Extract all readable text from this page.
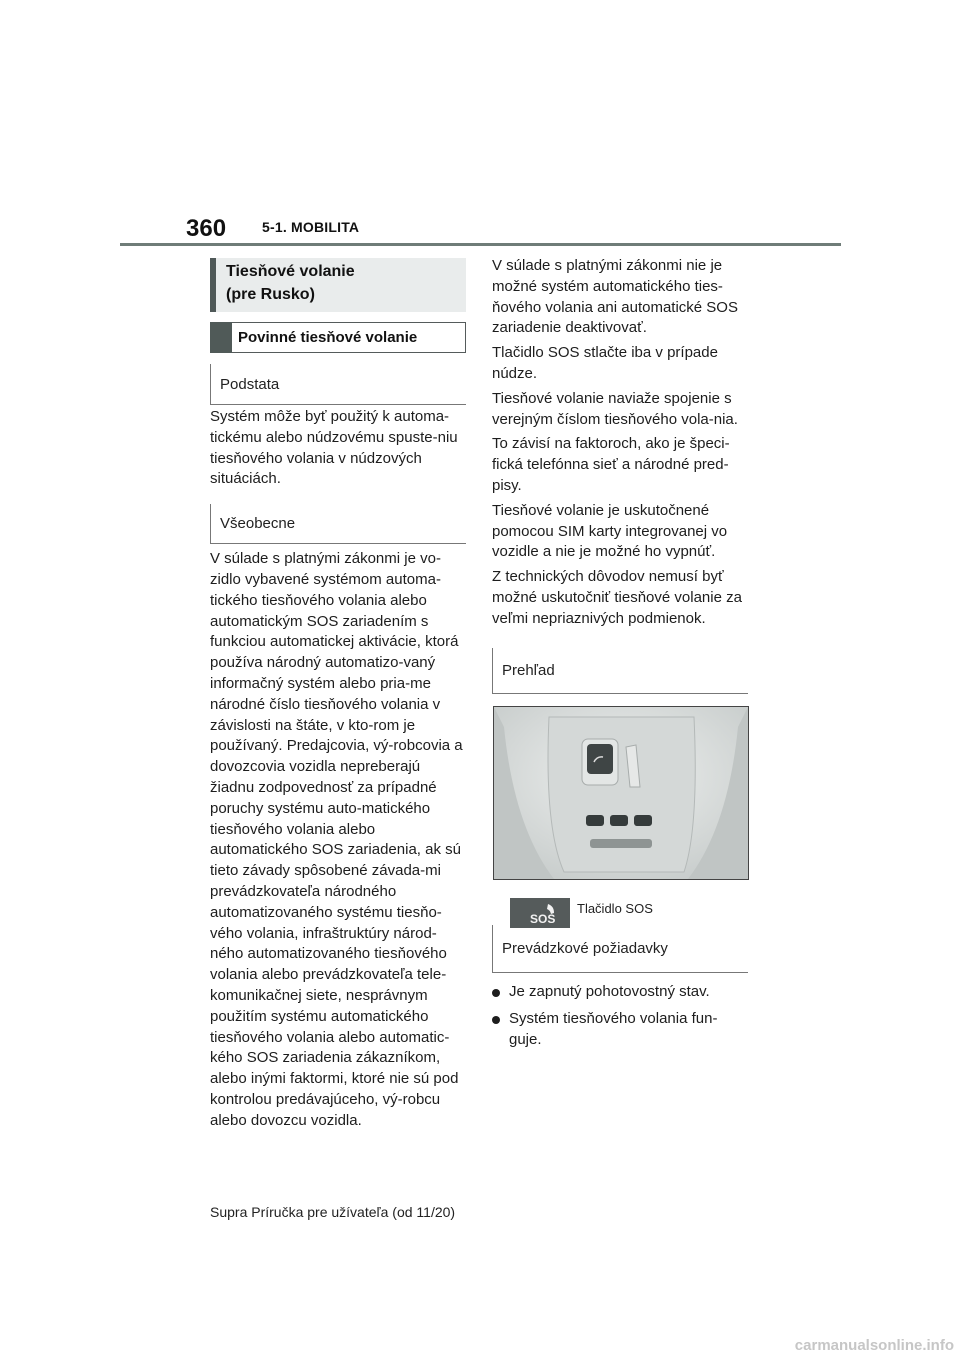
360	5-1. MOBILITA
Tiesňové volanie
(pre Rusko)
Povinné tiesňové volanie
Podstata

Systém môže byť použitý k automa-tickému alebo núdzovému spuste-niu tiesňového volania v núdzových situáciách.

Všeobecne

V súlade s platnými zákonmi je vo-zidlo vybavené systémom automa-tického tiesňového volania alebo automatickým SOS zariadením s funkciou automatickej aktivácie, ktorá používa národný automatizo-vaný informačný systém alebo pria-me národné číslo tiesňového volania v závislosti na štáte, v kto-rom je používaný. Predajcovia, vý-robcovia a dovozcovia vozidla nepreberajú žiadnu zodpovednosť za prípadné poruchy systému auto-matického tiesňového volania alebo automatického SOS zariadenia, ak sú tieto závady spôsobené závada-mi prevádzkovateľa národného automatizovaného systému tiesňo-vého volania, infraštruktúry národ-ného automatizovaného tiesňového volania alebo prevádzkovateľa tele-komunikačnej siete, nesprávnym použitím systému automatického tiesňového volania alebo automatic-kého SOS zariadenia zákazníkom, alebo inými faktormi, ktoré nie sú pod kontrolou predávajúceho, vý-robcu alebo dovozcu vozidla.

V súlade s platnými zákonmi nie je možné systém automatického ties-ňového volania ani automatické SOS zariadenie deaktivovať.

Tlačidlo SOS stlačte iba v prípade núdze.

Tiesňové volanie naviaže spojenie s verejným číslom tiesňového vola-nia.

To závisí na faktoroch, ako je špeci-fická telefónna sieť a národné pred-pisy.

Tiesňové volanie je uskutočnené pomocou SIM karty integrovanej vo vozidle a nie je možné ho vypnúť.

Z technických dôvodov nemusí byť možné uskutočniť tiesňové volanie za veľmi nepriaznivých podmienok.

Prehľad
SOS
Tlačidlo SOS
Prevádzkové požiadavky
Je zapnutý pohotovostný stav.
Systém tiesňového volania fun-guje.
Supra Príručka pre užívateľa (od 11/20)
carmanualsonline.info
